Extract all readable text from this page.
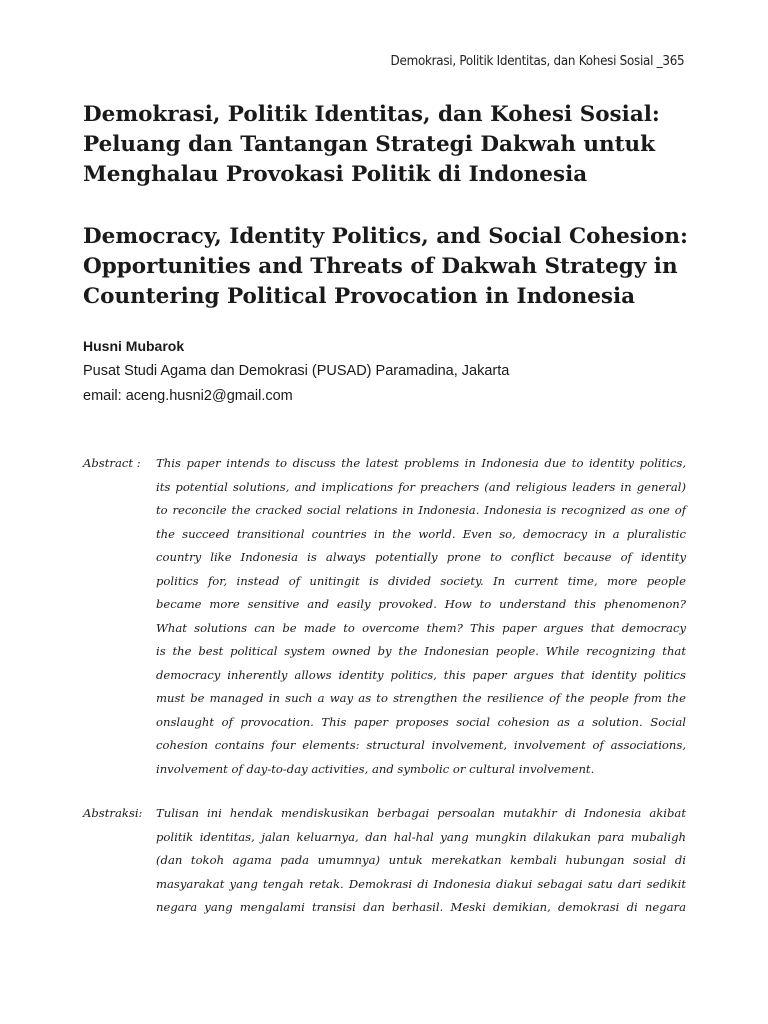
Demokrasi, Politik Identitas, dan Kohesi Sosial _365
Demokrasi, Politik Identitas, dan Kohesi Sosial:
Peluang dan Tantangan Strategi Dakwah untuk
Menghalau Provokasi Politik di Indonesia
Democracy, Identity Politics, and Social Cohesion:
Opportunities and Threats of Dakwah Strategy in
Countering Political Provocation in Indonesia
Husni Mubarok
Pusat Studi Agama dan Demokrasi (PUSAD) Paramadina, Jakarta
email: aceng.husni2@gmail.com
Abstract : This paper intends to discuss the latest problems in Indonesia due to identity politics,
its potential solutions, and implications for preachers (and religious leaders in general)
to reconcile the cracked social relations in Indonesia. Indonesia is recognized as one of
the succeed transitional countries in the world. Even so, democracy in a pluralistic
country like Indonesia is always potentially prone to conflict because of identity
politics for, instead of unitingit is divided society. In current time, more people
became more sensitive and easily provoked. How to understand this phenomenon?
What solutions can be made to overcome them? This paper argues that democracy
is the best political system owned by the Indonesian people. While recognizing that
democracy inherently allows identity politics, this paper argues that identity politics
must be managed in such a way as to strengthen the resilience of the people from the
onslaught of provocation. This paper proposes social cohesion as a solution. Social
cohesion contains four elements: structural involvement, involvement of associations,
involvement of day-to-day activities, and symbolic or cultural involvement.
Abstraksi: Tulisan ini hendak mendiskusikan berbagai persoalan mutakhir di Indonesia akibat
politik identitas, jalan keluarnya, dan hal-hal yang mungkin dilakukan para mubaligh
(dan tokoh agama pada umumnya) untuk merekatkan kembali hubungan sosial di
masyarakat yang tengah retak. Demokrasi di Indonesia diakui sebagai satu dari sedikit
negara yang mengalami transisi dan berhasil. Meski demikian, demokrasi di negara
